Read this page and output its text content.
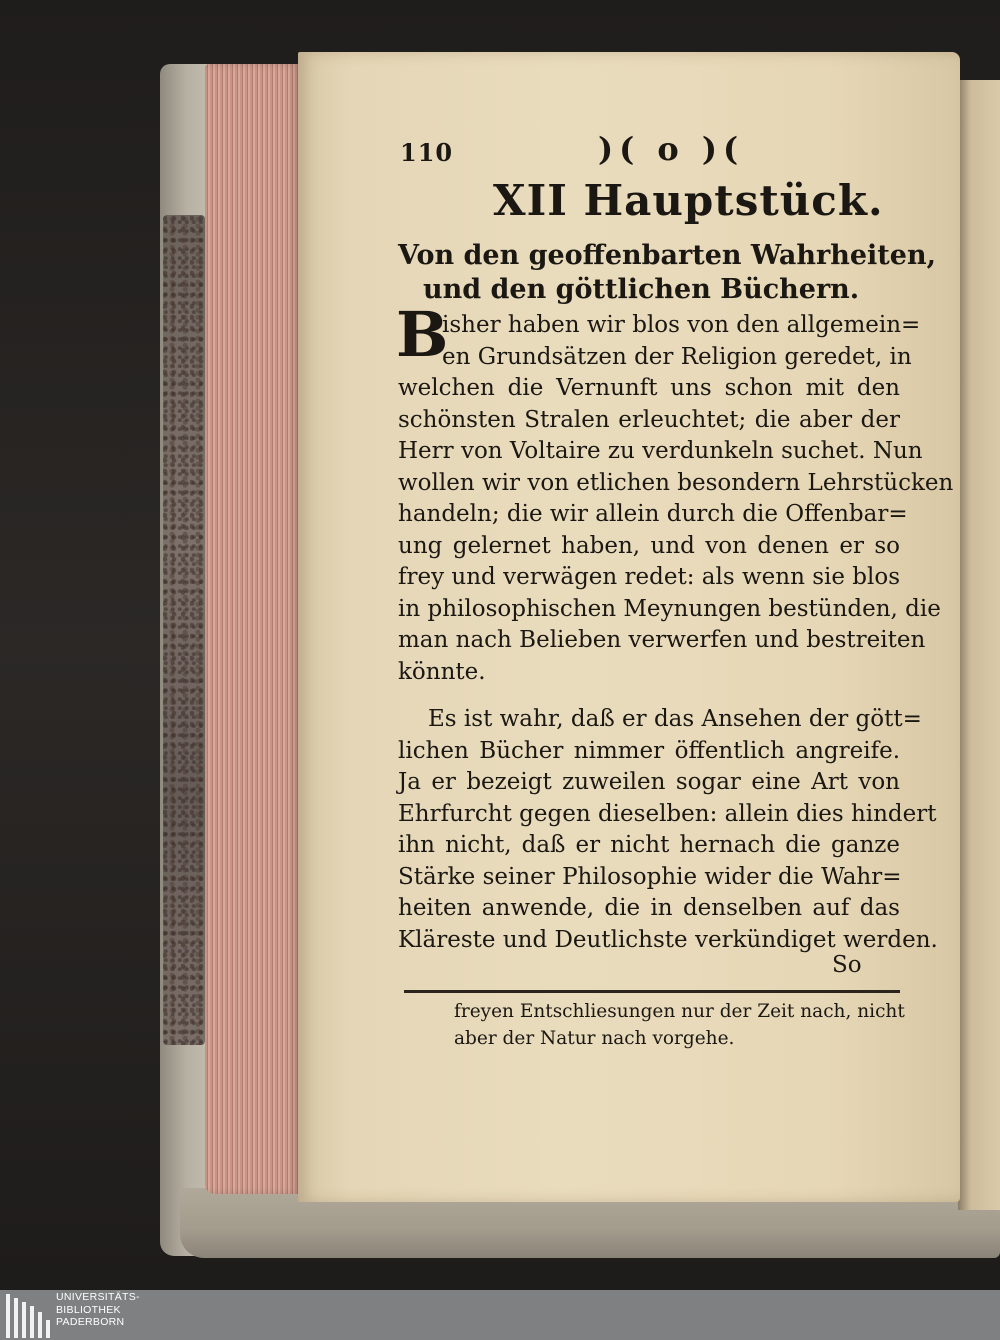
110	)( o )(
XII Hauptstück.
Von den geoffenbarten Wahrheiten,
und den göttlichen Büchern.
B
isher haben wir blos von den allgemein=
en Grundsätzen der Religion geredet, in
welchen die Vernunft uns schon mit den
schönsten Stralen erleuchtet; die aber der
Herr von Voltaire zu verdunkeln suchet. Nun
wollen wir von etlichen besondern Lehrstücken
handeln; die wir allein durch die Offenbar=
ung gelernet haben, und von denen er so
frey und verwägen redet: als wenn sie blos
in philosophischen Meynungen bestünden, die
man nach Belieben verwerfen und bestreiten
könnte.
Es ist wahr, daß er das Ansehen der gött=
lichen Bücher nimmer öffentlich angreife.
Ja er bezeigt zuweilen sogar eine Art von
Ehrfurcht gegen dieselben: allein dies hindert
ihn nicht, daß er nicht hernach die ganze
Stärke seiner Philosophie wider die Wahr=
heiten anwende, die in denselben auf das
Kläreste und Deutlichste verkündiget werden.
So
freyen Entschliesungen nur der Zeit nach, nicht
aber der Natur nach vorgehe.
UNIVERSITÄTS-
BIBLIOTHEK
PADERBORN
